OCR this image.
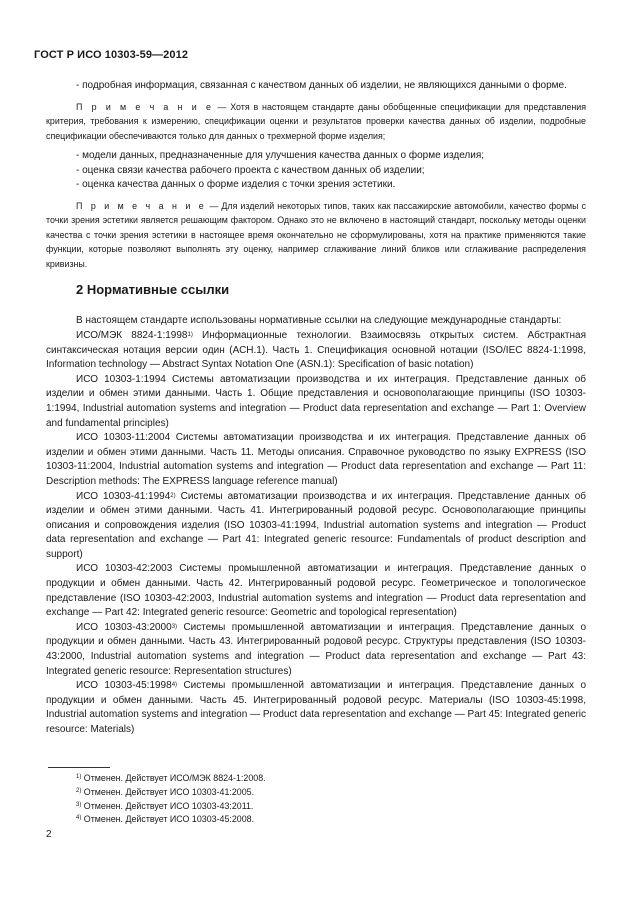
ГОСТ Р ИСО 10303-59—2012

- подробная информация, связанная с качеством данных об изделии, не являющихся данными о форме.

П р и м е ч а н и е — Хотя в настоящем стандарте даны обобщенные спецификации для представления критерия, требования к измерению, спецификации оценки и результатов проверки качества данных об изделии, подробные спецификации обеспечиваются только для данных о трехмерной форме изделия;

- модели данных, предназначенные для улучшения качества данных о форме изделия;
- оценка связи качества рабочего проекта с качеством данных об изделии;
- оценка качества данных о форме изделия с точки зрения эстетики.

П р и м е ч а н и е — Для изделий некоторых типов, таких как пассажирские автомобили, качество формы с точки зрения эстетики является решающим фактором. Однако это не включено в настоящий стандарт, поскольку методы оценки качества с точки зрения эстетики в настоящее время окончательно не сформулированы, хотя на практике применяются такие функции, которые позволяют выполнять эту оценку, например сглаживание линий бликов или сглаживание распределения кривизны.

2 Нормативные ссылки

В настоящем стандарте использованы нормативные ссылки на следующие международные стандарты:

ИСО/МЭК 8824-1:1998$^{1)}$ Информационные технологии. Взаимосвязь открытых систем. Абстрактная синтаксическая нотация версии один (АСН.1). Часть 1. Спецификация основной нотации (ISO/IEC 8824-1:1998, Information technology — Abstract Syntax Notation One (ASN.1): Specification of basic notation)

ИСО 10303-1:1994 Системы автоматизации производства и их интеграция. Представление данных об изделии и обмен этими данными. Часть 1. Общие представления и основополагающие принципы (ISO 10303-1:1994, Industrial automation systems and integration — Product data representation and exchange — Part 1: Overview and fundamental principles)

ИСО 10303-11:2004 Системы автоматизации производства и их интеграция. Представление данных об изделии и обмен этими данными. Часть 11. Методы описания. Справочное руководство по языку EXPRESS (ISO 10303-11:2004, Industrial automation systems and integration — Product data representation and exchange — Part 11: Description methods: The EXPRESS language reference manual)

ИСО 10303-41:1994$^{2)}$ Системы автоматизации производства и их интеграция. Представление данных об изделии и обмен этими данными. Часть 41. Интегрированный родовой ресурс. Основополагающие принципы описания и сопровождения изделия (ISO 10303-41:1994, Industrial automation systems and integration — Product data representation and exchange — Part 41: Integrated generic resource: Fundamentals of product description and support)

ИСО 10303-42:2003 Системы промышленной автоматизации и интеграция. Представление данных о продукции и обмен данными. Часть 42. Интегрированный родовой ресурс. Геометрическое и топологическое представление (ISO 10303-42:2003, Industrial automation systems and integration — Product data representation and exchange — Part 42: Integrated generic resource: Geometric and topological representation)

ИСО 10303-43:2000$^{3)}$ Системы промышленной автоматизации и интеграция. Представление данных о продукции и обмен данными. Часть 43. Интегрированный родовой ресурс. Структуры представления (ISO 10303-43:2000, Industrial automation systems and integration — Product data representation and exchange — Part 43: Integrated generic resource: Representation structures)

ИСО 10303-45:1998$^{4)}$ Системы промышленной автоматизации и интеграция. Представление данных о продукции и обмен данными. Часть 45. Интегрированный родовой ресурс. Материалы (ISO 10303-45:1998, Industrial automation systems and integration — Product data representation and exchange — Part 45: Integrated generic resource: Materials)

$^{1)}$ Отменен. Действует ИСО/МЭК 8824-1:2008.
$^{2)}$ Отменен. Действует ИСО 10303-41:2005.
$^{3)}$ Отменен. Действует ИСО 10303-43:2011.
$^{4)}$ Отменен. Действует ИСО 10303-45:2008.
2
